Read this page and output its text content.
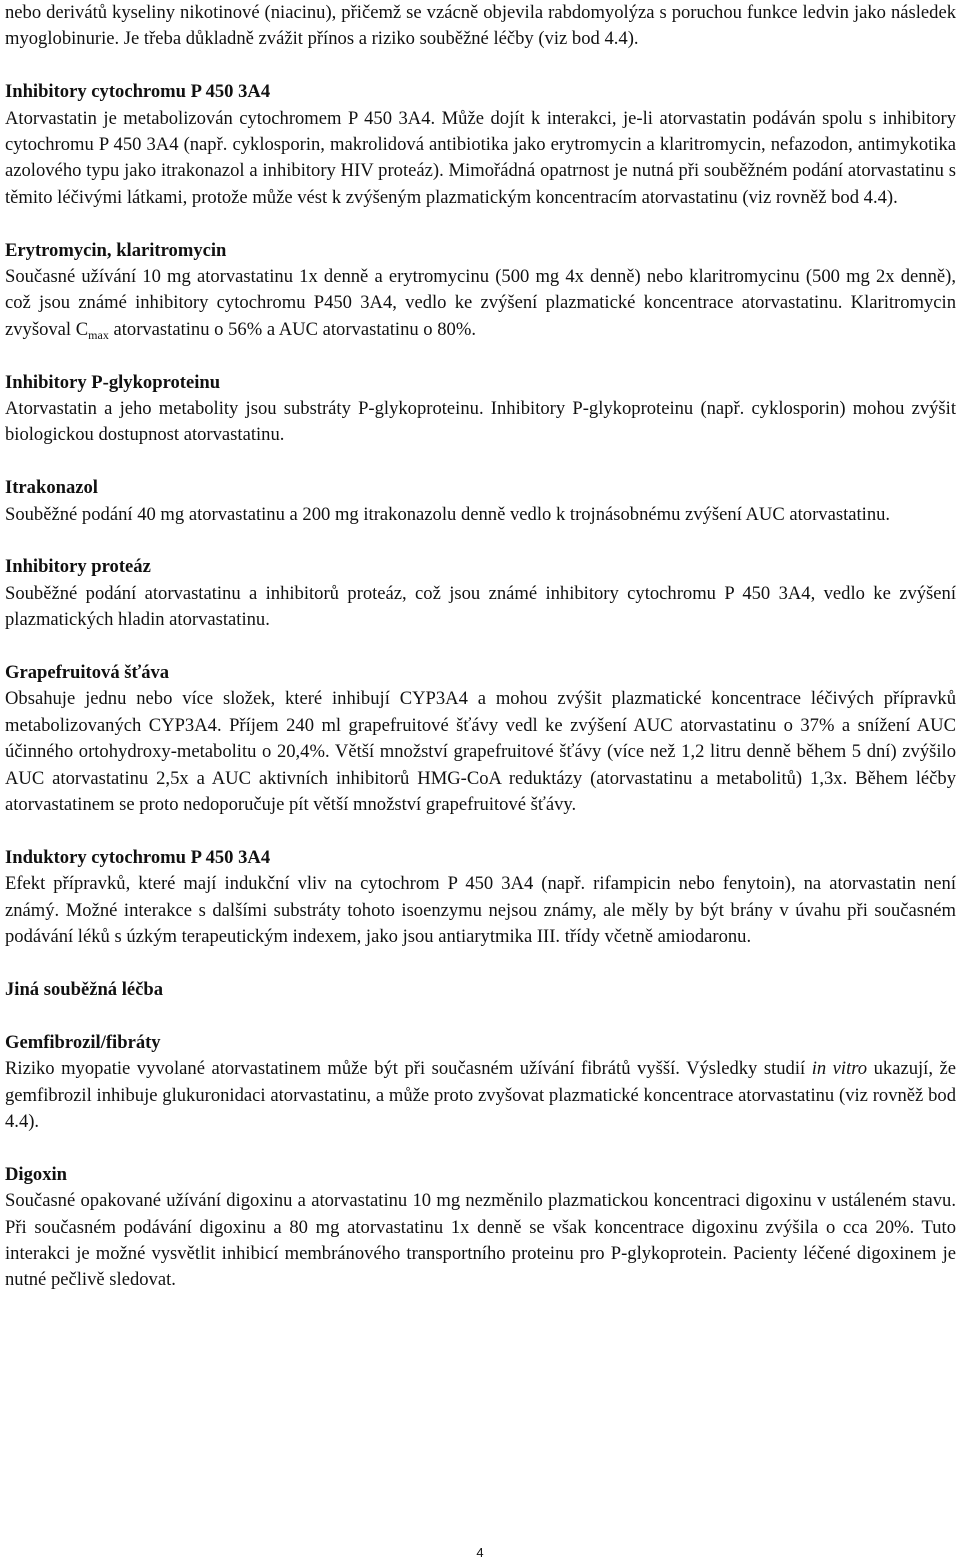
nebo derivátů kyseliny nikotinové (niacinu), přičemž se vzácně objevila rabdomyolýza s poruchou funkce ledvin jako následek myoglobinurie. Je třeba důkladně zvážit přínos a riziko souběžné léčby (viz bod 4.4).

Inhibitory cytochromu P 450 3A4

Atorvastatin je metabolizován cytochromem P 450 3A4. Může dojít k interakci, je-li atorvastatin podáván spolu s inhibitory cytochromu P 450 3A4 (např. cyklosporin, makrolidová antibiotika jako erytromycin a klaritromycin, nefazodon, antimykotika azolového typu jako itrakonazol a inhibitory HIV proteáz). Mimořádná opatrnost je nutná při souběžném podání atorvastatinu s těmito léčivými látkami, protože může vést k zvýšeným plazmatickým koncentracím atorvastatinu (viz rovněž bod 4.4).

Erytromycin, klaritromycin

Současné užívání 10 mg atorvastatinu 1x denně a erytromycinu (500 mg 4x denně) nebo klaritromycinu (500 mg 2x denně), což jsou známé inhibitory cytochromu P450 3A4, vedlo ke zvýšení plazmatické koncentrace atorvastatinu. Klaritromycin zvyšoval $C_{max}$ atorvastatinu o 56% a AUC atorvastatinu o 80%.

Inhibitory P-glykoproteinu

Atorvastatin a jeho metabolity jsou substráty P-glykoproteinu. Inhibitory P-glykoproteinu (např. cyklosporin) mohou zvýšit biologickou dostupnost atorvastatinu.

Itrakonazol

Souběžné podání 40 mg atorvastatinu a 200 mg itrakonazolu denně vedlo k trojnásobnému zvýšení AUC atorvastatinu.

Inhibitory proteáz

Souběžné podání atorvastatinu a inhibitorů proteáz, což jsou známé inhibitory cytochromu P 450 3A4, vedlo ke zvýšení plazmatických hladin atorvastatinu.

Grapefruitová šťáva

Obsahuje jednu nebo více složek, které inhibují CYP3A4 a mohou zvýšit plazmatické koncentrace léčivých přípravků metabolizovaných CYP3A4. Příjem 240 ml grapefruitové šťávy vedl ke zvýšení AUC atorvastatinu o 37% a snížení AUC účinného ortohydroxy-metabolitu o 20,4%. Větší množství grapefruitové šťávy (více než 1,2 litru denně během 5 dní) zvýšilo AUC atorvastatinu 2,5x a AUC aktivních inhibitorů HMG-CoA reduktázy (atorvastatinu a metabolitů) 1,3x. Během léčby atorvastatinem se proto nedoporučuje pít větší množství grapefruitové šťávy.

Induktory cytochromu P 450 3A4

Efekt přípravků, které mají indukční vliv na cytochrom P 450 3A4 (např. rifampicin nebo fenytoin), na atorvastatin není známý. Možné interakce s dalšími substráty tohoto isoenzymu nejsou známy, ale měly by být brány v úvahu při současném podávání léků s úzkým terapeutickým indexem, jako jsou antiarytmika III. třídy včetně amiodaronu.

Jiná souběžná léčba
Gemfibrozil/fibráty

Riziko myopatie vyvolané atorvastatinem může být při současném užívání fibrátů vyšší. Výsledky studií in vitro ukazují, že gemfibrozil inhibuje glukuronidaci atorvastatinu, a může proto zvyšovat plazmatické koncentrace atorvastatinu (viz rovněž bod 4.4).

Digoxin

Současné opakované užívání digoxinu a atorvastatinu 10 mg nezměnilo plazmatickou koncentraci digoxinu v ustáleném stavu. Při současném podávání digoxinu a 80 mg atorvastatinu 1x denně se však koncentrace digoxinu zvýšila o cca 20%. Tuto interakci je možné vysvětlit inhibicí membránového transportního proteinu pro P-glykoprotein. Pacienty léčené digoxinem je nutné pečlivě sledovat.

4
